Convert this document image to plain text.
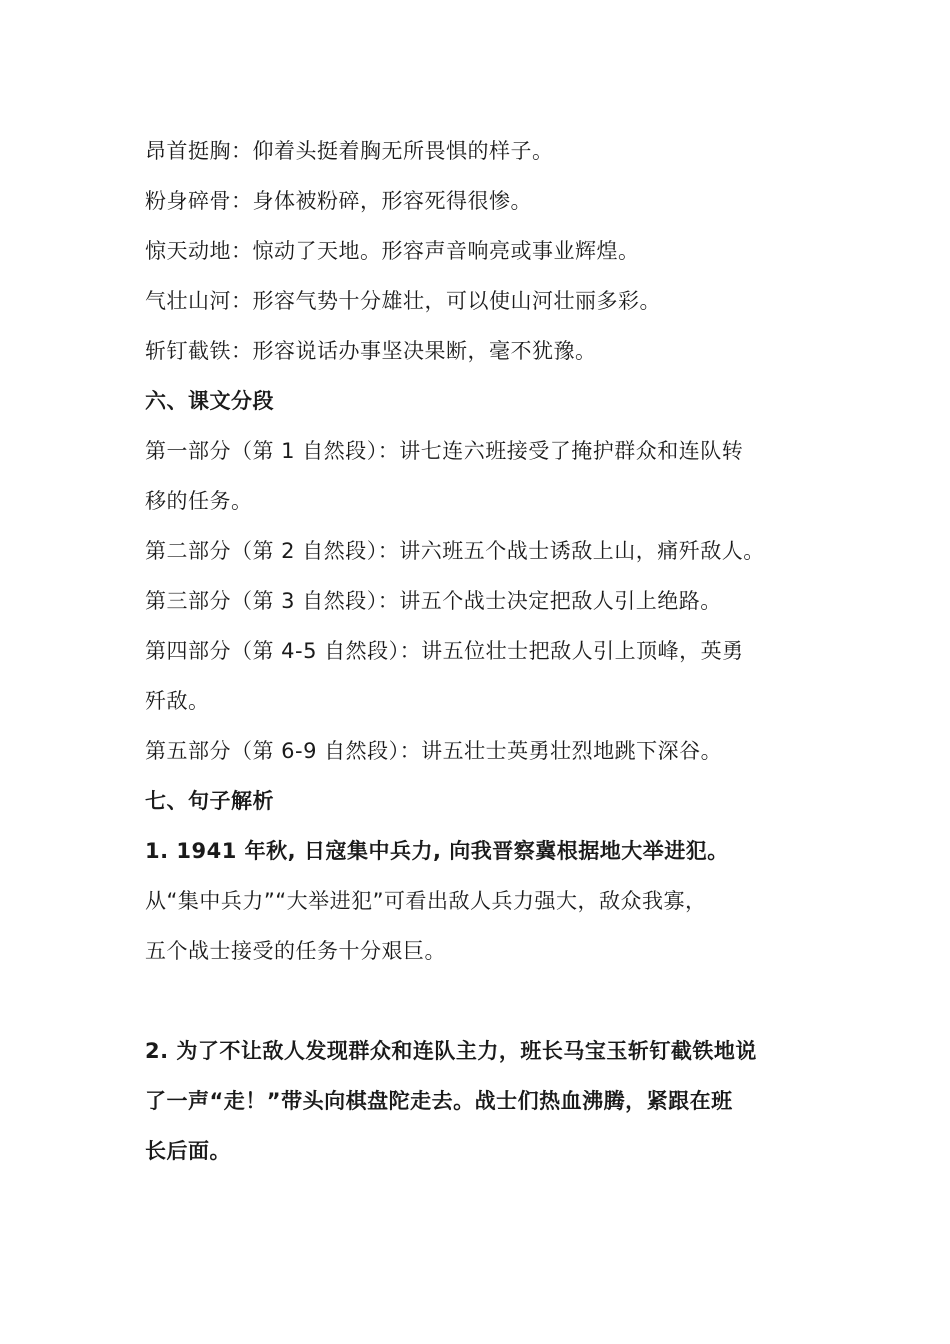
昂首挺胸：仰着头挺着胸无所畏惧的样子。
粉身碎骨：身体被粉碎，形容死得很惨。
惊天动地：惊动了天地。形容声音响亮或事业辉煌。
气壮山河：形容气势十分雄壮，可以使山河壮丽多彩。
斩钉截铁：形容说话办事坚决果断，毫不犹豫。
六、课文分段
第一部分（第 1 自然段）：讲七连六班接受了掩护群众和连队转
移的任务。
第二部分（第 2 自然段）：讲六班五个战士诱敌上山，痛歼敌人。
第三部分（第 3 自然段）：讲五个战士决定把敌人引上绝路。
第四部分（第 4-5 自然段）：讲五位壮士把敌人引上顶峰，英勇
歼敌。
第五部分（第 6-9 自然段）：讲五壮士英勇壮烈地跳下深谷。
七、句子解析
1. 1941 年秋, 日寇集中兵力, 向我晋察冀根据地大举进犯。
从“集中兵力”“大举进犯”可看出敌人兵力强大，敌众我寡，
五个战士接受的任务十分艰巨。
2. 为了不让敌人发现群众和连队主力，班长马宝玉斩钉截铁地说
了一声“走！”带头向棋盘陀走去。战士们热血沸腾，紧跟在班
长后面。
